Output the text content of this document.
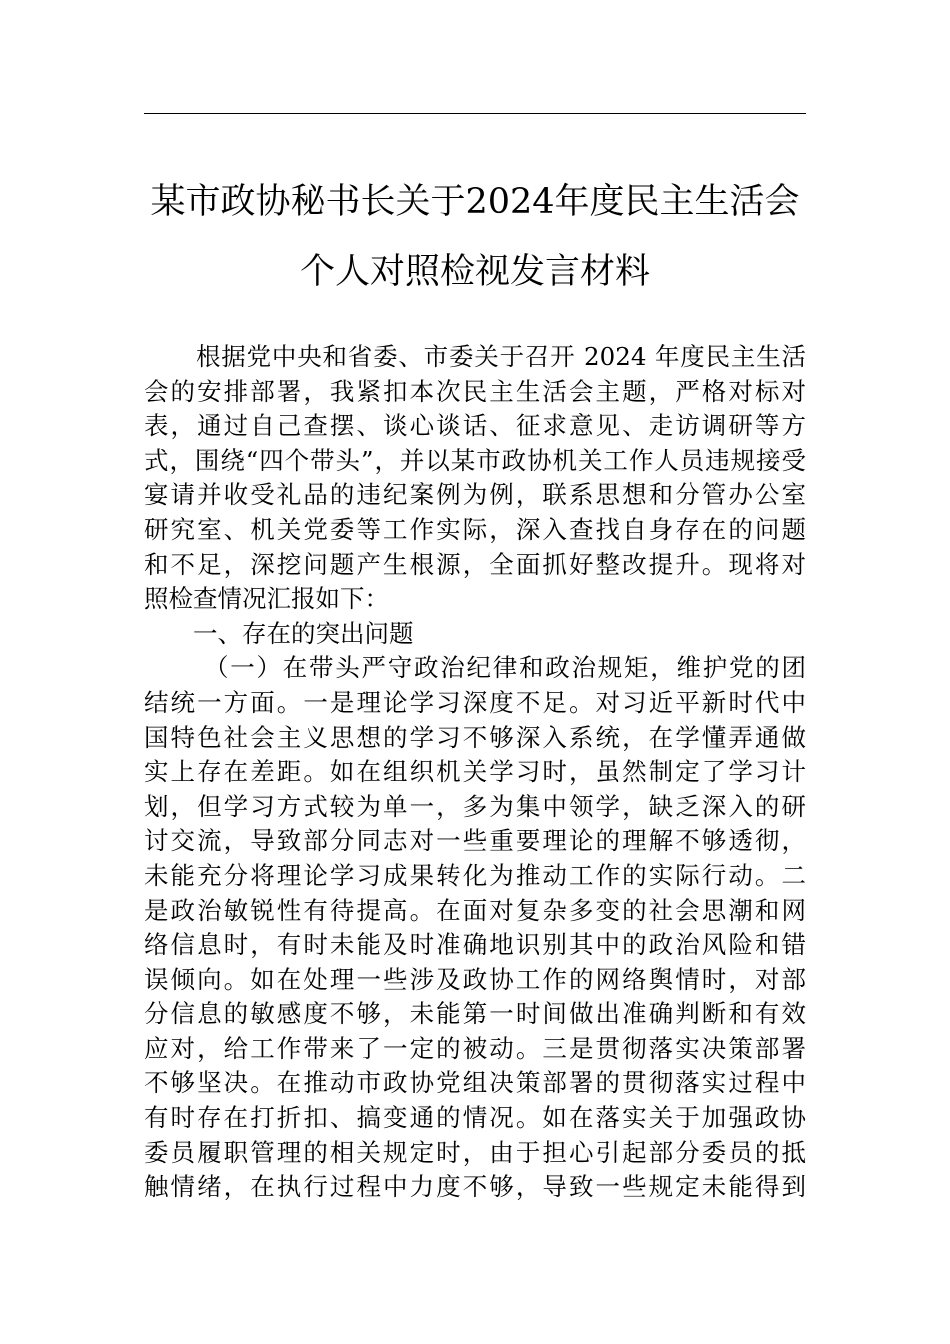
某市政协秘书长关于2024年度民主生活会
个人对照检视发言材料
根据党中央和省委、市委关于召开 2024 年度民主生活
会的安排部署，我紧扣本次民主生活会主题，严格对标对
表，通过自己查摆、谈心谈话、征求意见、走访调研等方
式，围绕“四个带头”，并以某市政协机关工作人员违规接受
宴请并收受礼品的违纪案例为例，联系思想和分管办公室
研究室、机关党委等工作实际，深入查找自身存在的问题
和不足，深挖问题产生根源，全面抓好整改提升。现将对
照检查情况汇报如下：
一、存在的突出问题
（一）在带头严守政治纪律和政治规矩，维护党的团
结统一方面。一是理论学习深度不足。对习近平新时代中
国特色社会主义思想的学习不够深入系统，在学懂弄通做
实上存在差距。如在组织机关学习时，虽然制定了学习计
划，但学习方式较为单一，多为集中领学，缺乏深入的研
讨交流，导致部分同志对一些重要理论的理解不够透彻，
未能充分将理论学习成果转化为推动工作的实际行动。二
是政治敏锐性有待提高。在面对复杂多变的社会思潮和网
络信息时，有时未能及时准确地识别其中的政治风险和错
误倾向。如在处理一些涉及政协工作的网络舆情时，对部
分信息的敏感度不够，未能第一时间做出准确判断和有效
应对，给工作带来了一定的被动。三是贯彻落实决策部署
不够坚决。在推动市政协党组决策部署的贯彻落实过程中
有时存在打折扣、搞变通的情况。如在落实关于加强政协
委员履职管理的相关规定时，由于担心引起部分委员的抵
触情绪，在执行过程中力度不够，导致一些规定未能得到
